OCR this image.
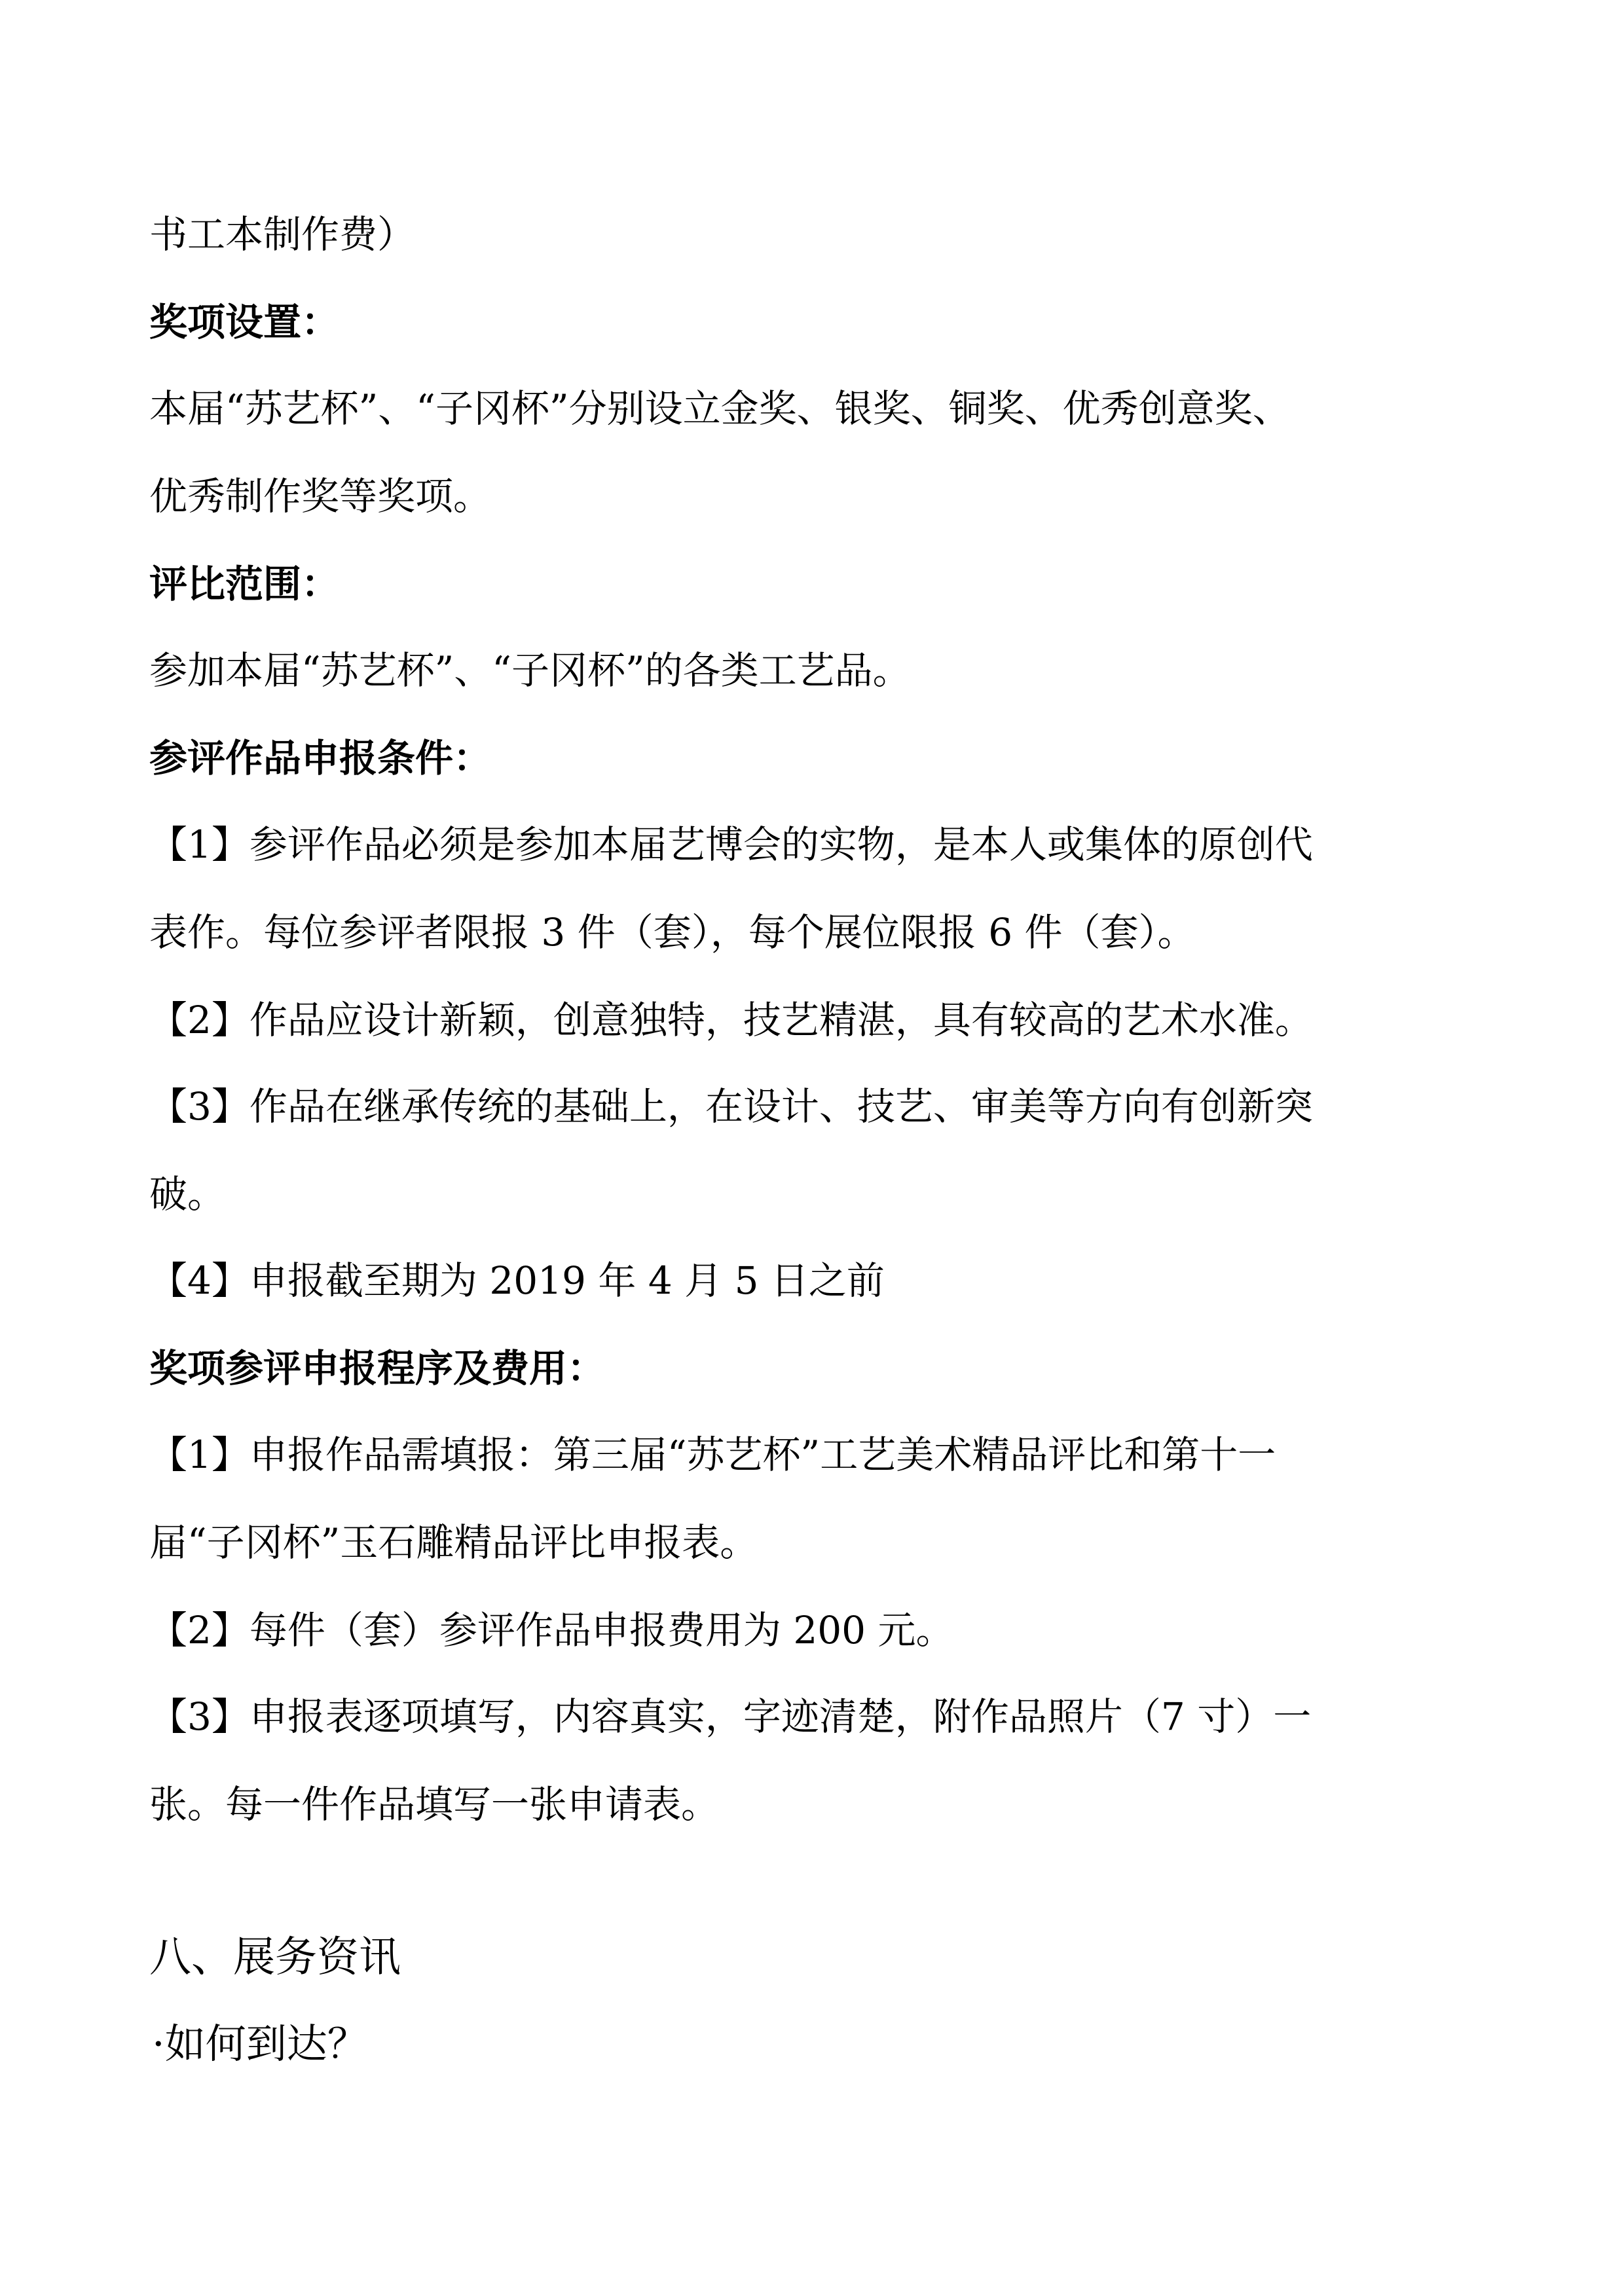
书工本制作费）
奖项设置：
本届“苏艺杯”、“子冈杯”分别设立金奖、银奖、铜奖、优秀创意奖、
优秀制作奖等奖项。
评比范围：
参加本届“苏艺杯”、“子冈杯”的各类工艺品。
参评作品申报条件：
【1】参评作品必须是参加本届艺博会的实物，是本人或集体的原创代
表作。每位参评者限报 3 件（套），每个展位限报 6 件（套）。
【2】作品应设计新颖，创意独特，技艺精湛，具有较高的艺术水准。
【3】作品在继承传统的基础上，在设计、技艺、审美等方向有创新突
破。
【4】申报截至期为 2019 年 4 月 5 日之前
奖项参评申报程序及费用：
【1】申报作品需填报：第三届“苏艺杯”工艺美术精品评比和第十一
届“子冈杯”玉石雕精品评比申报表。
【2】每件（套）参评作品申报费用为 200 元。
【3】申报表逐项填写，内容真实，字迹清楚，附作品照片（7 寸）一
张。每一件作品填写一张申请表。
八、展务资讯
·如何到达？
